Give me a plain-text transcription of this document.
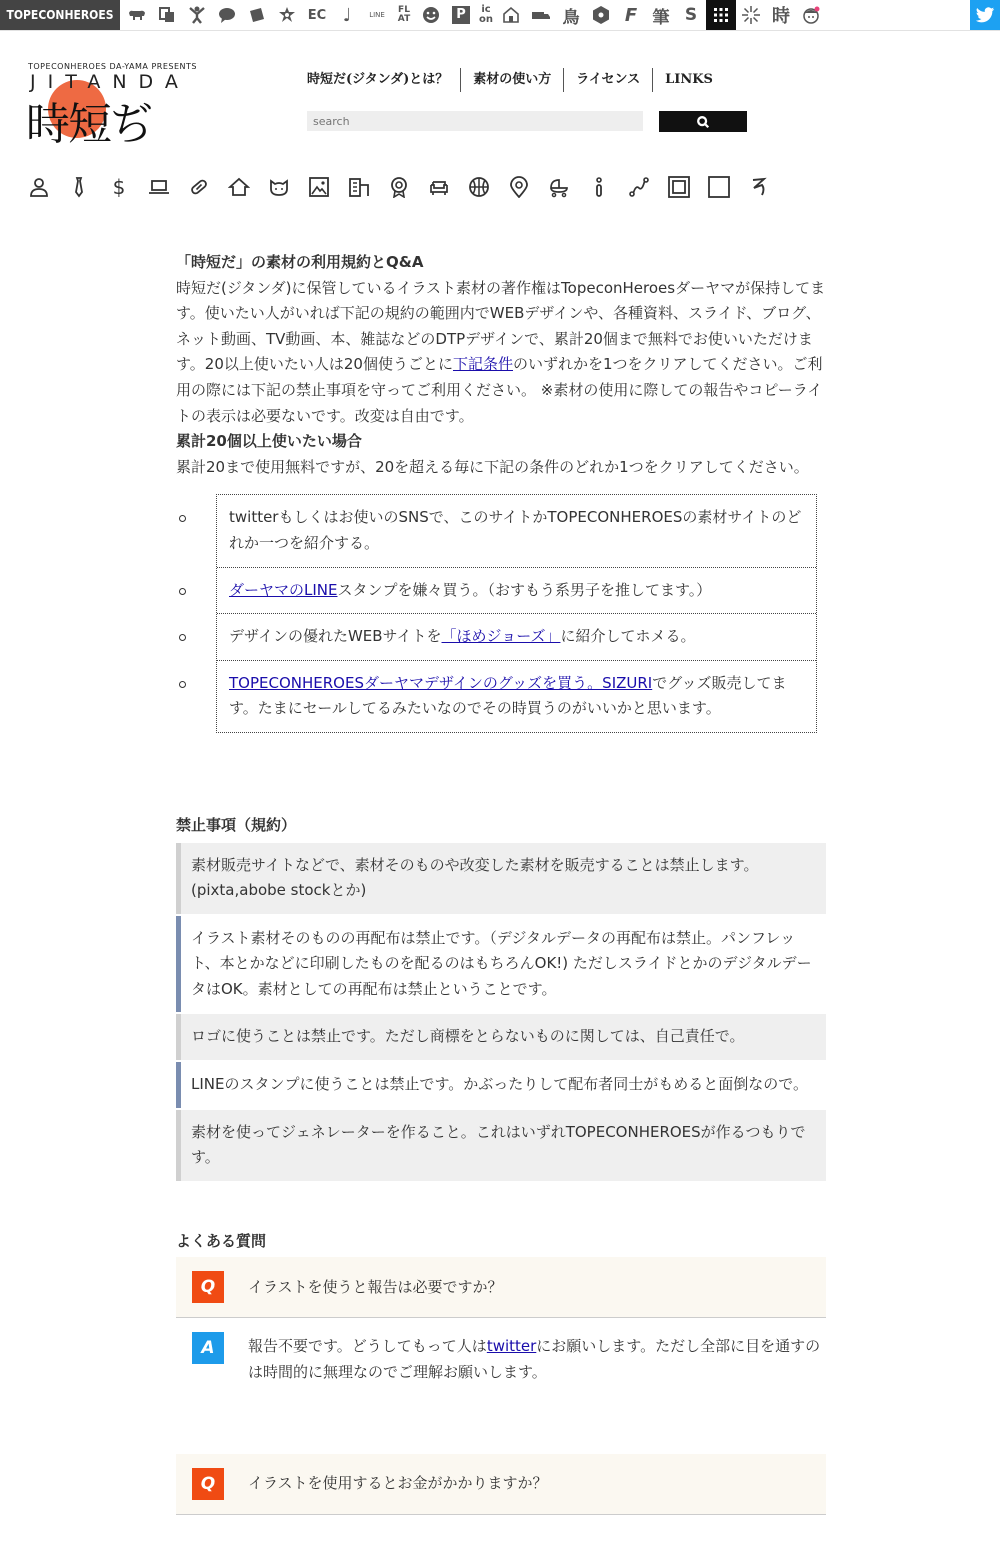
TOPECONHEROES	EC ♩	LINE	FL AT	P	ic on	鳥	F 筆 S	時
TOPECONHEROES DA-YAMA PRESENTS
JITANDA
時短ぢ
時短だ(ジタンダ)とは？	素材の使い方	ライセンス	LINKS
search
$

「時短だ」の素材の利用規約とQ&A

時短だ(ジタンダ)に保管しているイラスト素材の著作権はTopeconHeroesダーヤマが保持してます。使いたい人がいれば下記の規約の範囲内でWEBデザインや、各種資料、スライド、ブログ、ネット動画、TV動画、本、雑誌などのDTPデザインで、累計20個まで無料でお使いいただけます。20以上使いたい人は20個使うごとに下記条件のいずれかを1つをクリアしてください。ご利用の際には下記の禁止事項を守ってご利用ください。 ※素材の使用に際しての報告やコピーライトの表示は必要ないです。改変は自由です。

累計20個以上使いたい場合

累計20まで使用無料ですが、20を超える毎に下記の条件のどれか1つをクリアしてください。

twitterもしくはお使いのSNSで、このサイトかTOPECONHEROESの素材サイトのどれか一つを紹介する。
ダーヤマのLINEスタンプを嫌々買う。（おすもう系男子を推してます。）
デザインの優れたWEBサイトを「ほめジョーズ」に紹介してホメる。
TOPECONHEROESダーヤマデザインのグッズを買う。SIZURIでグッズ販売してます。たまにセールしてるみたいなのでその時買うのがいいかと思います。

禁止事項（規約）

素材販売サイトなどで、素材そのものや改変した素材を販売することは禁止します。(pixta,abobe stockとか)
イラスト素材そのものの再配布は禁止です。（デジタルデータの再配布は禁止。パンフレット、本とかなどに印刷したものを配るのはもちろんOK!) ただしスライドとかのデジタルデータはOK。素材としての再配布は禁止ということです。
ロゴに使うことは禁止です。ただし商標をとらないものに関しては、自己責任で。
LINEのスタンプに使うことは禁止です。かぶったりして配布者同士がもめると面倒なので。
素材を使ってジェネレーターを作ること。これはいずれTOPECONHEROESが作るつもりです。

よくある質問

Q	イラストを使うと報告は必要ですか？
A	報告不要です。どうしてもって人はtwitterにお願いします。ただし全部に目を通すのは時間的に無理なのでご理解お願いします。
Q	イラストを使用するとお金がかかりますか？
